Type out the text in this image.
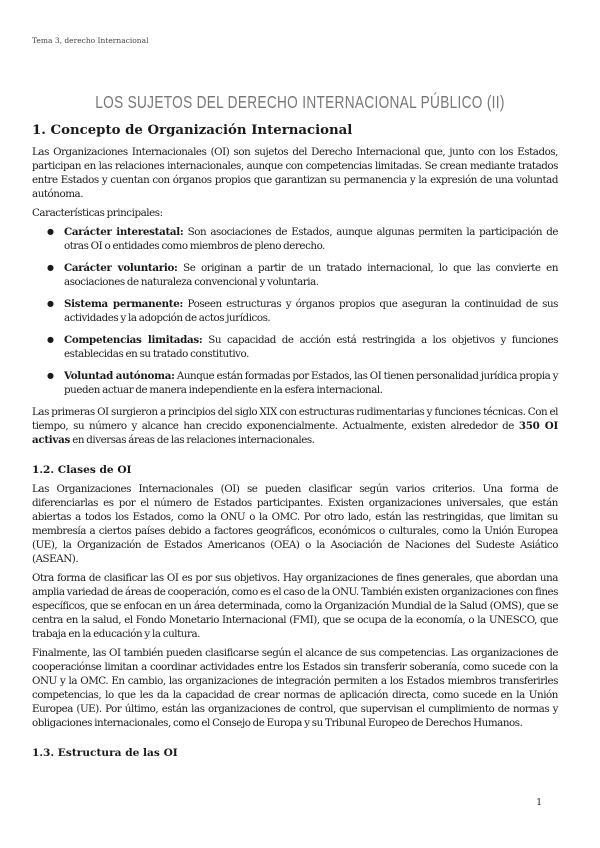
Tema 3, derecho Internacional
LOS SUJETOS DEL DERECHO INTERNACIONAL PÚBLICO (II)
1. Concepto de Organización Internacional

Las Organizaciones Internacionales (OI) son sujetos del Derecho Internacional que, junto con los Estados, participan en las relaciones internacionales, aunque con competencias limitadas. Se crean mediante tratados entre Estados y cuentan con órganos propios que garantizan su permanencia y la expresión de una voluntad autónoma.

Características principales:

● Carácter interestatal: Son asociaciones de Estados, aunque algunas permiten la participación de otras OI o entidades como miembros de pleno derecho.
● Carácter voluntario: Se originan a partir de un tratado internacional, lo que las convierte en asociaciones de naturaleza convencional y voluntaria.
● Sistema permanente: Poseen estructuras y órganos propios que aseguran la continuidad de sus actividades y la adopción de actos jurídicos.
● Competencias limitadas: Su capacidad de acción está restringida a los objetivos y funciones establecidas en su tratado constitutivo.
● Voluntad autónoma: Aunque están formadas por Estados, las OI tienen personalidad jurídica propia y pueden actuar de manera independiente en la esfera internacional.

Las primeras OI surgieron a principios del siglo XIX con estructuras rudimentarias y funciones técnicas. Con el tiempo, su número y alcance han crecido exponencialmente. Actualmente, existen alrededor de 350 OI activas en diversas áreas de las relaciones internacionales.

1.2. Clases de OI

Las Organizaciones Internacionales (OI) se pueden clasificar según varios criterios. Una forma de diferenciarlas es por el número de Estados participantes. Existen organizaciones universales, que están abiertas a todos los Estados, como la ONU o la OMC. Por otro lado, están las restringidas, que limitan su membresía a ciertos países debido a factores geográficos, económicos o culturales, como la Unión Europea (UE), la Organización de Estados Americanos (OEA) o la Asociación de Naciones del Sudeste Asiático (ASEAN).

Otra forma de clasificar las OI es por sus objetivos. Hay organizaciones de fines generales, que abordan una amplia variedad de áreas de cooperación, como es el caso de la ONU. También existen organizaciones con fines específicos, que se enfocan en un área determinada, como la Organización Mundial de la Salud (OMS), que se centra en la salud, el Fondo Monetario Internacional (FMI), que se ocupa de la economía, o la UNESCO, que trabaja en la educación y la cultura.

Finalmente, las OI también pueden clasificarse según el alcance de sus competencias. Las organizaciones de cooperaciónse limitan a coordinar actividades entre los Estados sin transferir soberanía, como sucede con la ONU y la OMC. En cambio, las organizaciones de integración permiten a los Estados miembros transferirles competencias, lo que les da la capacidad de crear normas de aplicación directa, como sucede en la Unión Europea (UE). Por último, están las organizaciones de control, que supervisan el cumplimiento de normas y obligaciones internacionales, como el Consejo de Europa y su Tribunal Europeo de Derechos Humanos.

1.3. Estructura de las OI
1
